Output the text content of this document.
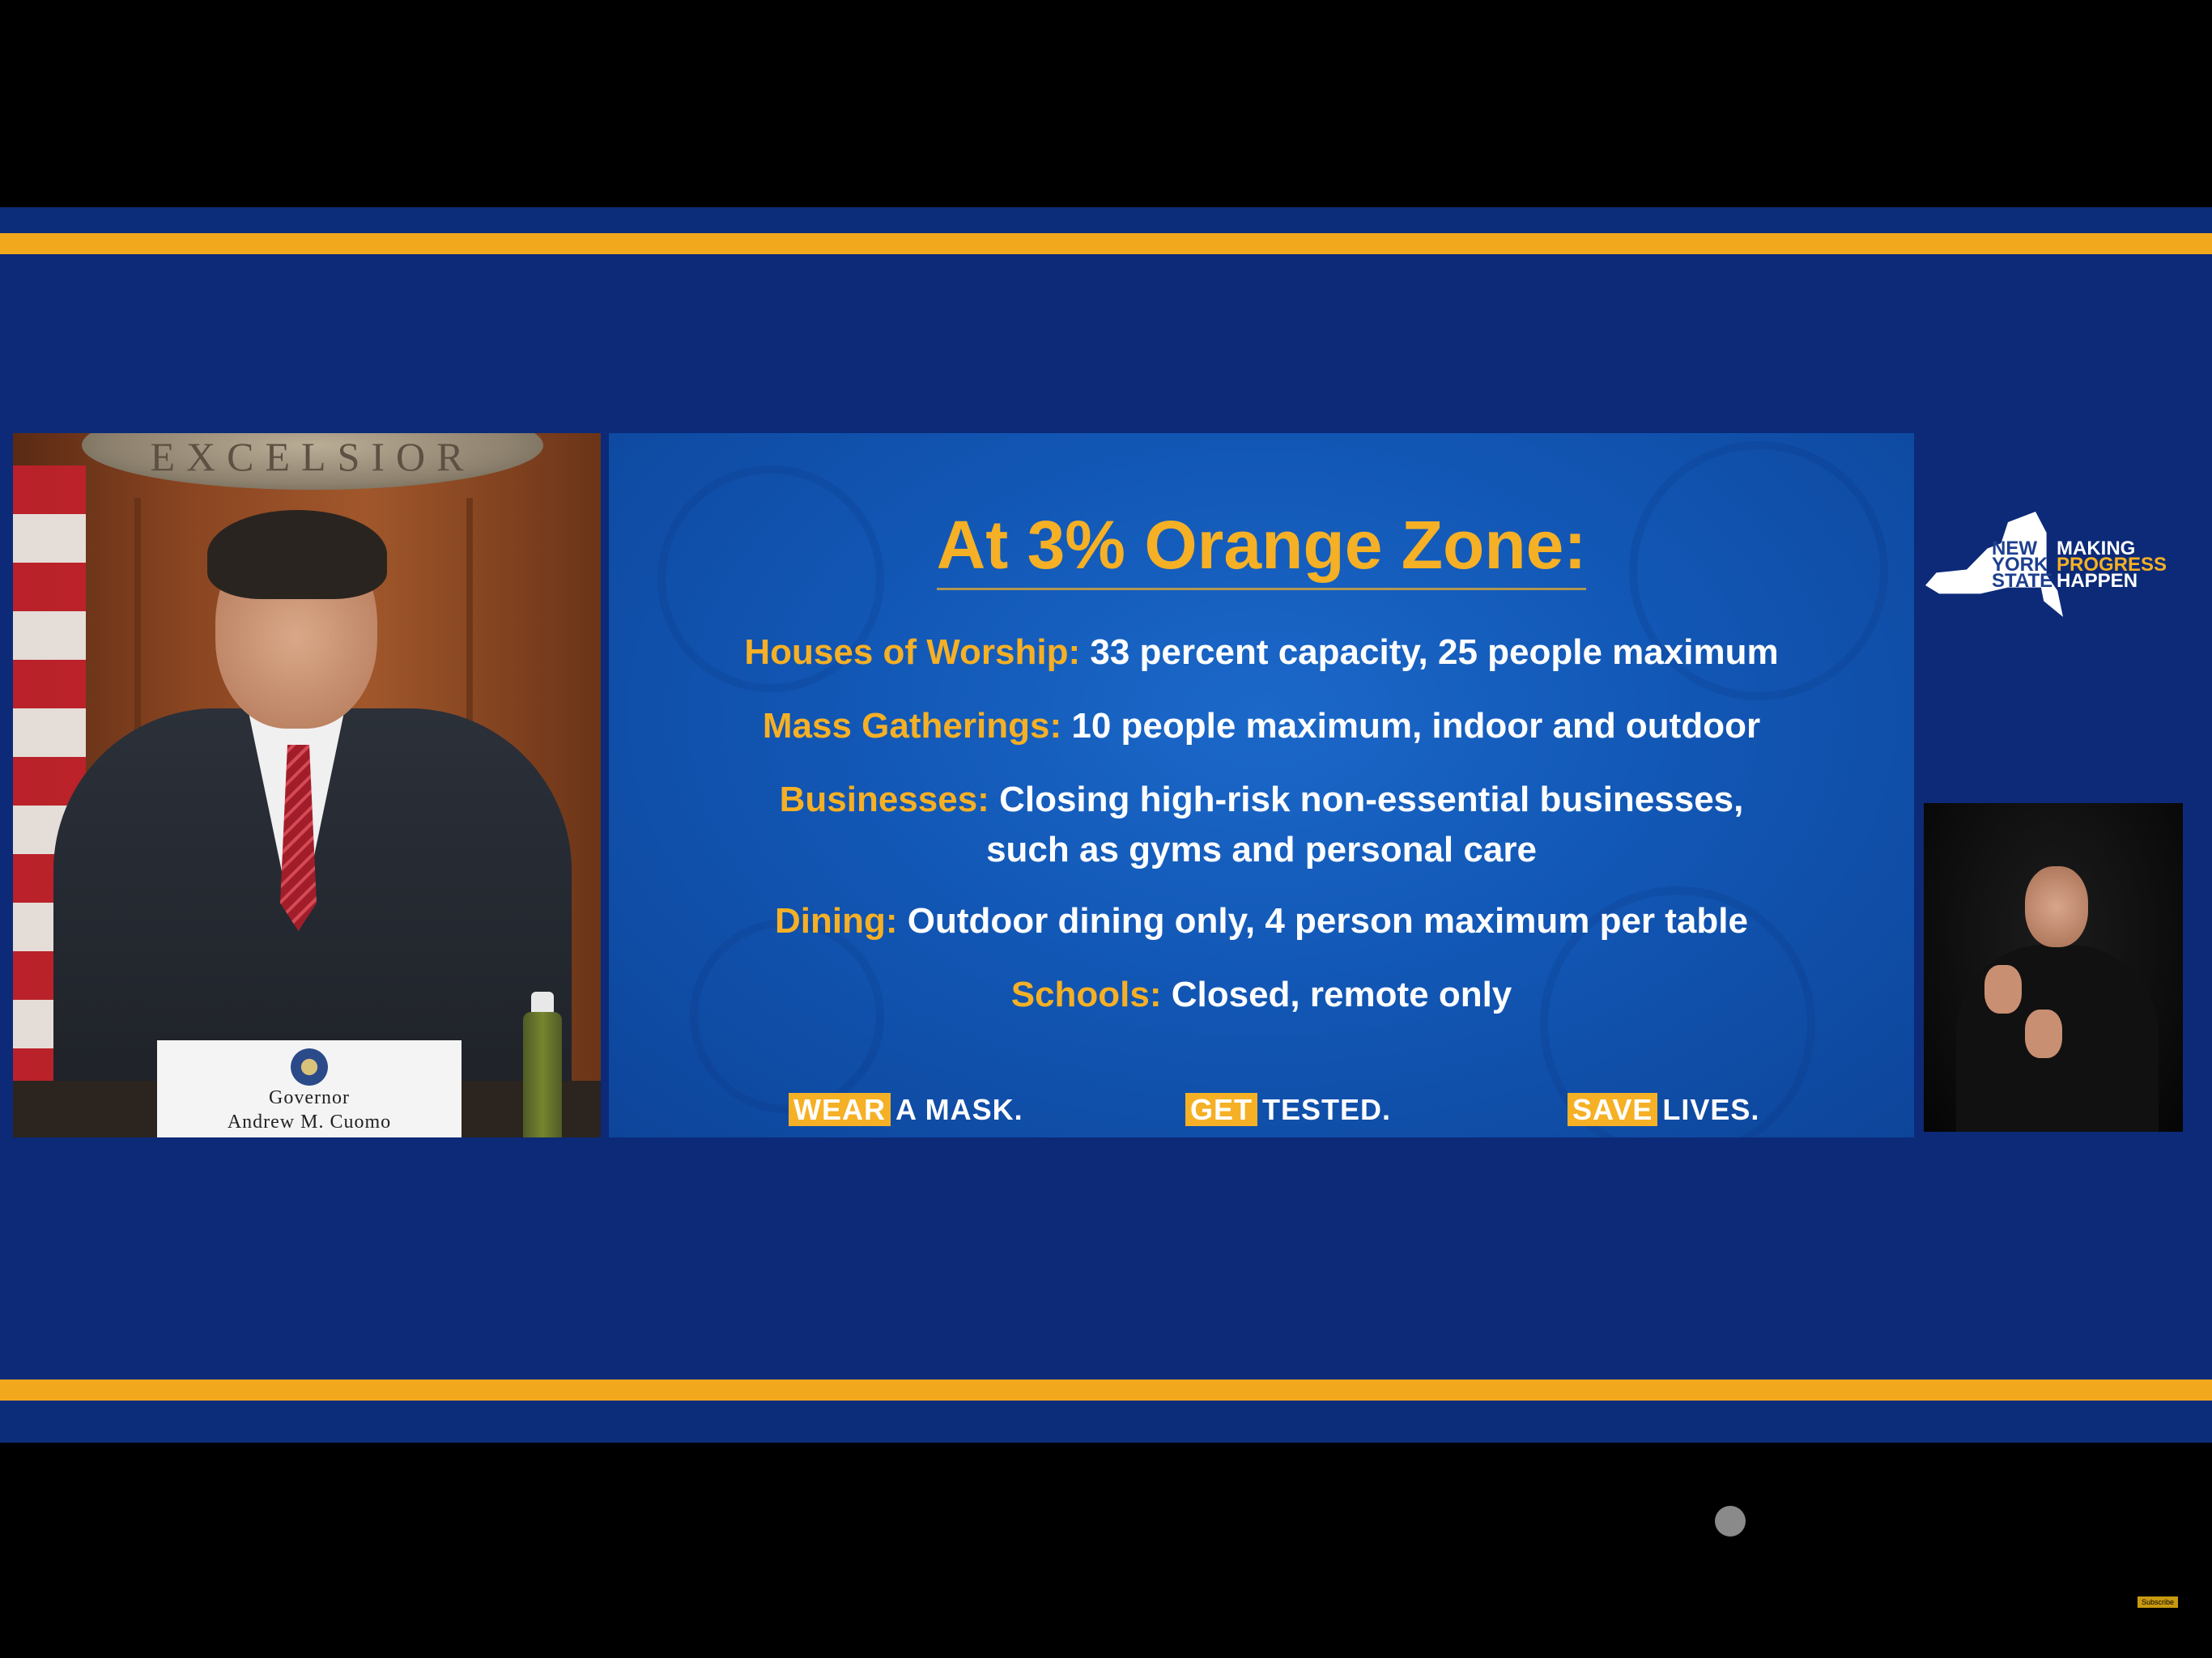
EXCELSIOR
Governor
Andrew M. Cuomo
At 3% Orange Zone:
Houses of Worship: 33 percent capacity, 25 people maximum
Mass Gatherings: 10 people maximum, indoor and outdoor
Businesses: Closing high-risk non-essential businesses,
such as gyms and personal care
Dining: Outdoor dining only, 4 person maximum per table
Schools: Closed, remote only
WEAR A MASK.	GET TESTED.	SAVE LIVES.
NEW
YORK
STATE
MAKING
PROGRESS
HAPPEN
Subscribe
